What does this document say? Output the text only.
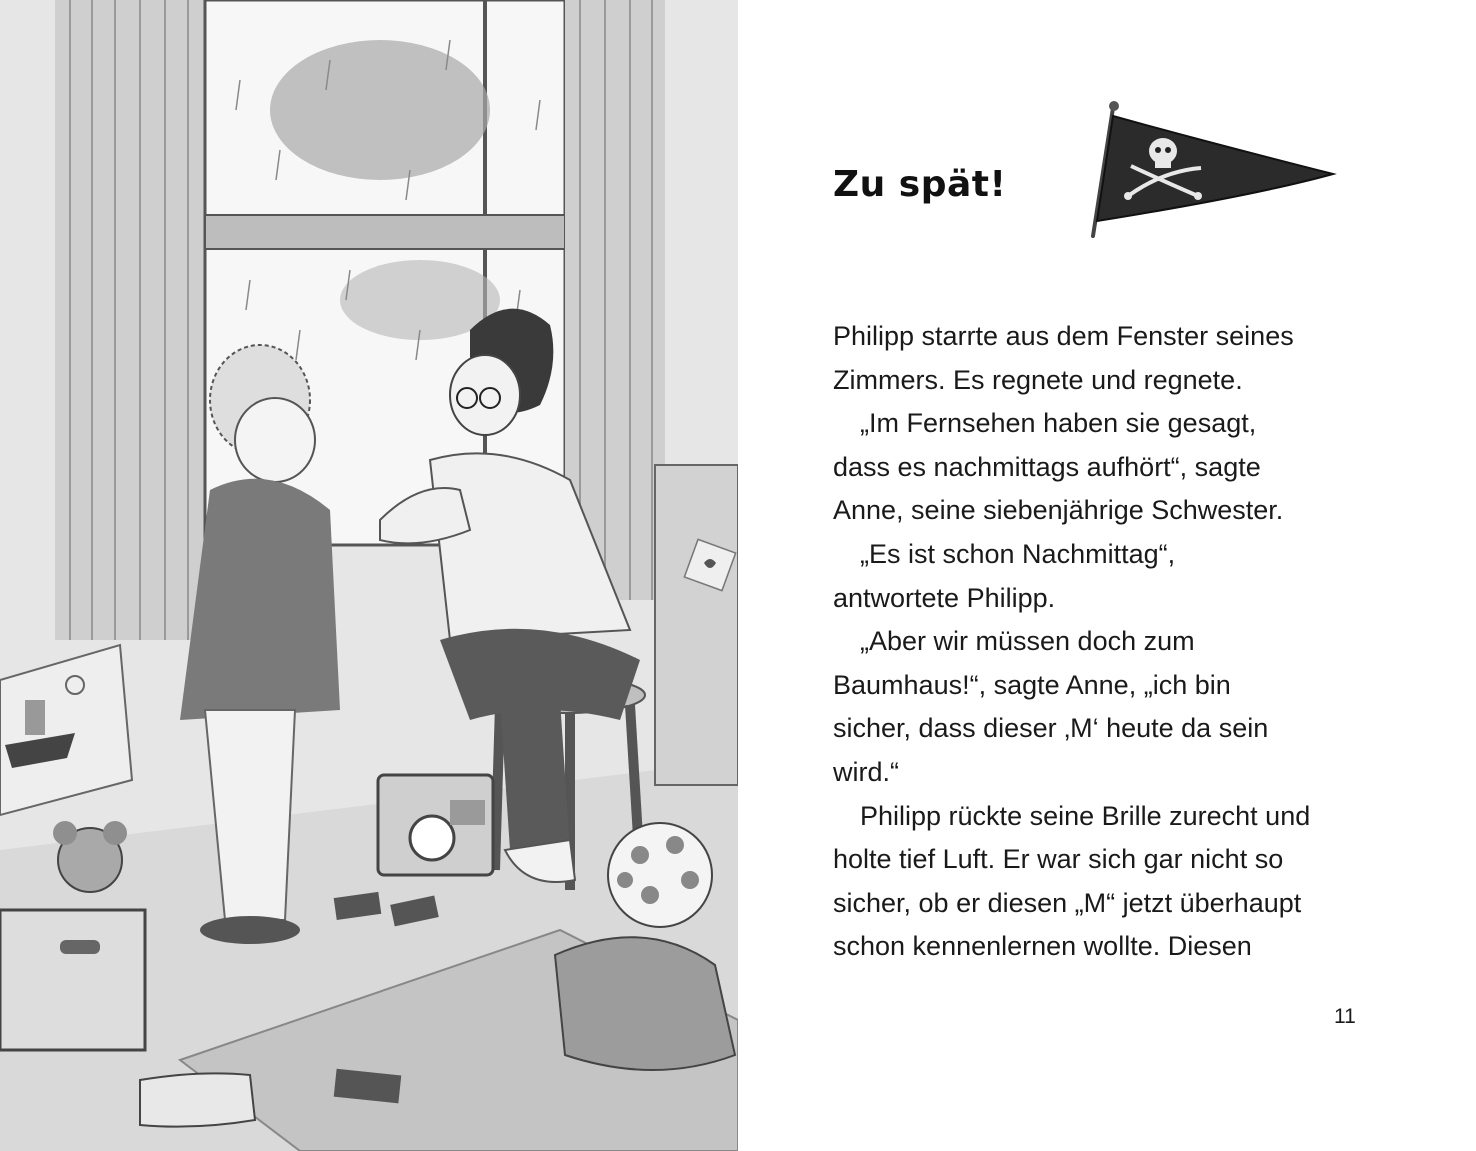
Zu spät!
Philipp starrte aus dem Fenster seines
Zimmers. Es regnete und regnete.
 „Im Fernsehen haben sie gesagt,
dass es nachmittags aufhört“, sagte
Anne, seine siebenjährige Schwester.
 „Es ist schon Nachmittag“,
antwortete Philipp.
 „Aber wir müssen doch zum
Baumhaus!“, sagte Anne, „ich bin
sicher, dass dieser ‚M‘ heute da sein
wird.“
 Philipp rückte seine Brille zurecht und
holte tief Luft. Er war sich gar nicht so
sicher, ob er diesen „M“ jetzt überhaupt
schon kennenlernen wollte. Diesen
11
